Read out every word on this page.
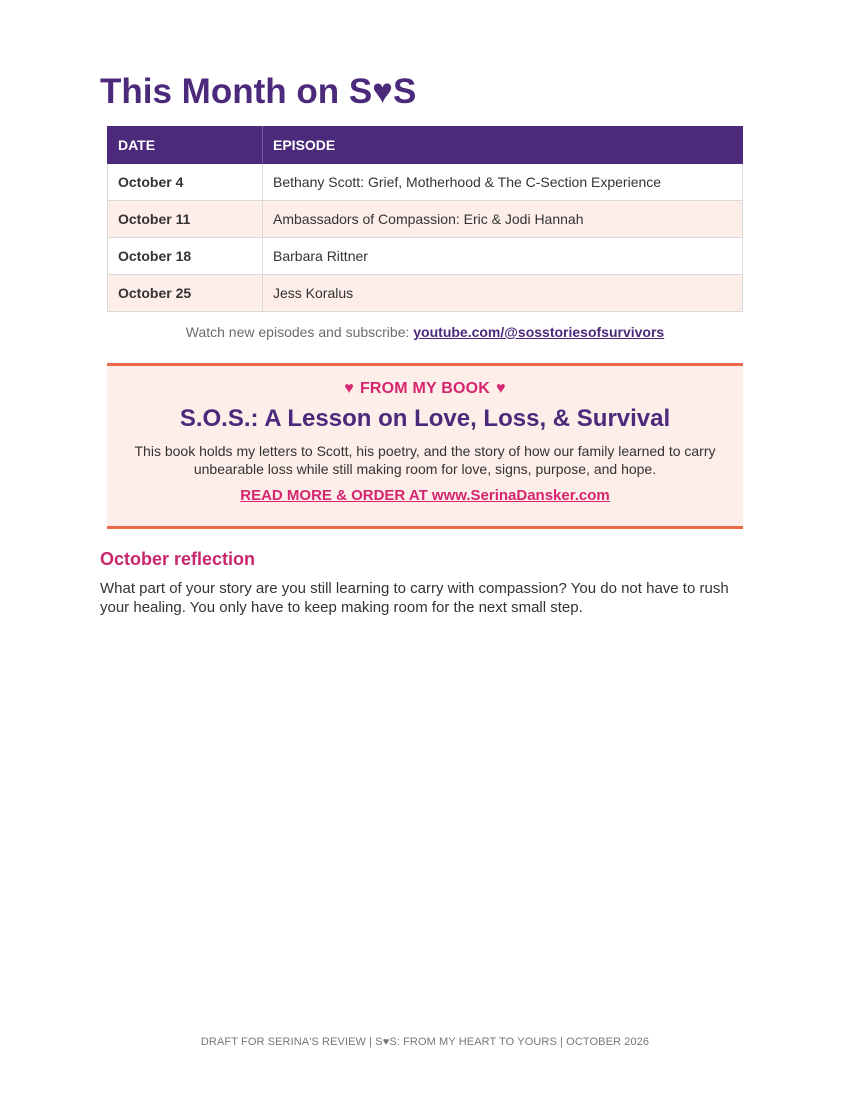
This Month on S♥S
DATE	EPISODE
October 4	Bethany Scott: Grief, Motherhood & The C-Section Experience
October 11	Ambassadors of Compassion: Eric & Jodi Hannah
October 18	Barbara Rittner
October 25	Jess Koralus
Watch new episodes and subscribe: youtube.com/@sosstoriesofsurvivors
♥ FROM MY BOOK ♥
S.O.S.: A Lesson on Love, Loss, & Survival
This book holds my letters to Scott, his poetry, and the story of how our family learned to carry unbearable loss while still making room for love, signs, purpose, and hope.
READ MORE & ORDER AT www.SerinaDansker.com
October reflection

What part of your story are you still learning to carry with compassion? You do not have to rush your healing. You only have to keep making room for the next small step.

DRAFT FOR SERINA'S REVIEW | S♥S: FROM MY HEART TO YOURS | OCTOBER 2026
